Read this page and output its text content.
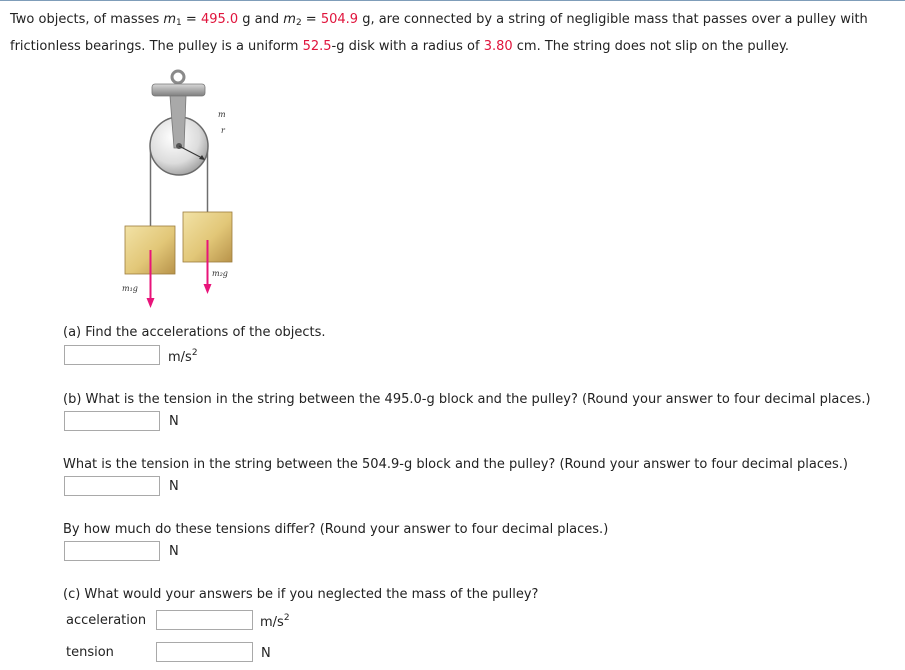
Two objects, of masses $m_1 = 495.0$ g and $m_2 = 504.9$ g, are connected by a string of negligible mass that passes over a pulley with frictionless bearings. The pulley is a uniform 52.5-g disk with a radius of 3.80 cm. The string does not slip on the pulley.
m
r
m₁g
m₂g
(a) Find the accelerations of the objects.
$m/s^2$
(b) What is the tension in the string between the 495.0-g block and the pulley? (Round your answer to four decimal places.)
N
What is the tension in the string between the 504.9-g block and the pulley? (Round your answer to four decimal places.)
N
By how much do these tensions differ? (Round your answer to four decimal places.)
N
(c) What would your answers be if you neglected the mass of the pulley?
acceleration	$m/s^2$
tension	N
